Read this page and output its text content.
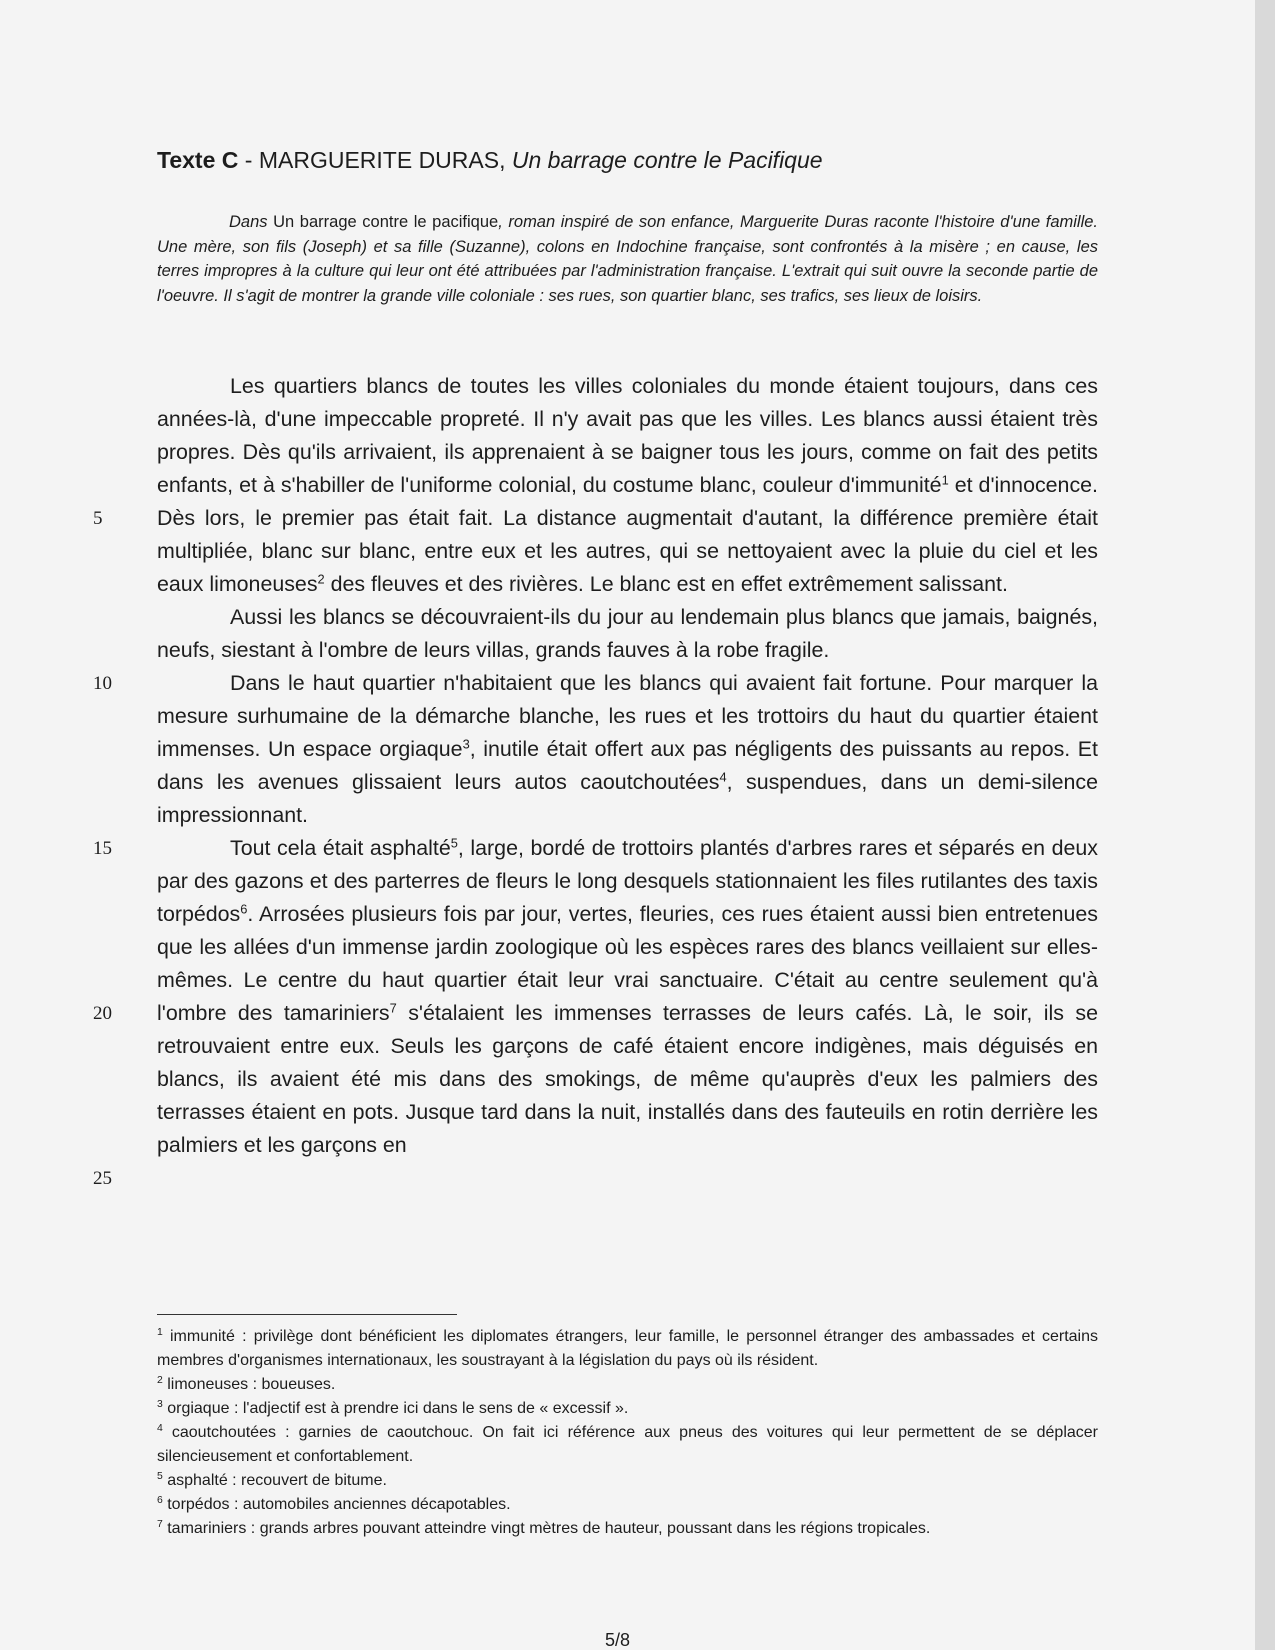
Texte C - MARGUERITE DURAS, Un barrage contre le Pacifique

Dans Un barrage contre le pacifique, roman inspiré de son enfance, Marguerite Duras raconte l'histoire d'une famille. Une mère, son fils (Joseph) et sa fille (Suzanne), colons en Indochine française, sont confrontés à la misère ; en cause, les terres impropres à la culture qui leur ont été attribuées par l'administration française. L'extrait qui suit ouvre la seconde partie de l'oeuvre. Il s'agit de montrer la grande ville coloniale : ses rues, son quartier blanc, ses trafics, ses lieux de loisirs.

Les quartiers blancs de toutes les villes coloniales du monde étaient toujours, dans ces années-là, d'une impeccable propreté. Il n'y avait pas que les villes. Les blancs aussi étaient très propres. Dès qu'ils arrivaient, ils apprenaient à se baigner tous les jours, comme on fait des petits enfants, et à s'habiller de l'uniforme colonial, du costume blanc, couleur d'immunité$^1$ et d'innocence. Dès lors, le premier pas était fait. La distance augmentait d'autant, la différence première était multipliée, blanc sur blanc, entre eux et les autres, qui se nettoyaient avec la pluie du ciel et les eaux limoneuses$^2$ des fleuves et des rivières. Le blanc est en effet extrêmement salissant.

Aussi les blancs se découvraient-ils du jour au lendemain plus blancs que jamais, baignés, neufs, siestant à l'ombre de leurs villas, grands fauves à la robe fragile.

Dans le haut quartier n'habitaient que les blancs qui avaient fait fortune. Pour marquer la mesure surhumaine de la démarche blanche, les rues et les trottoirs du haut du quartier étaient immenses. Un espace orgiaque$^3$, inutile était offert aux pas négligents des puissants au repos. Et dans les avenues glissaient leurs autos caoutchoutées$^4$, suspendues, dans un demi-silence impressionnant.

Tout cela était asphalté$^5$, large, bordé de trottoirs plantés d'arbres rares et séparés en deux par des gazons et des parterres de fleurs le long desquels stationnaient les files rutilantes des taxis torpédos$^6$. Arrosées plusieurs fois par jour, vertes, fleuries, ces rues étaient aussi bien entretenues que les allées d'un immense jardin zoologique où les espèces rares des blancs veillaient sur elles-mêmes. Le centre du haut quartier était leur vrai sanctuaire. C'était au centre seulement qu'à l'ombre des tamariniers$^7$ s'étalaient les immenses terrasses de leurs cafés. Là, le soir, ils se retrouvaient entre eux. Seuls les garçons de café étaient encore indigènes, mais déguisés en blancs, ils avaient été mis dans des smokings, de même qu'auprès d'eux les palmiers des terrasses étaient en pots. Jusque tard dans la nuit, installés dans des fauteuils en rotin derrière les palmiers et les garçons en

5
10
15
20
25

$^1$ immunité : privilège dont bénéficient les diplomates étrangers, leur famille, le personnel étranger des ambassades et certains membres d'organismes internationaux, les soustrayant à la législation du pays où ils résident.

$^2$ limoneuses : boueuses.

$^3$ orgiaque : l'adjectif est à prendre ici dans le sens de « excessif ».

$^4$ caoutchoutées : garnies de caoutchouc. On fait ici référence aux pneus des voitures qui leur permettent de se déplacer silencieusement et confortablement.

$^5$ asphalté : recouvert de bitume.

$^6$ torpédos : automobiles anciennes décapotables.

$^7$ tamariniers : grands arbres pouvant atteindre vingt mètres de hauteur, poussant dans les régions tropicales.

5/8
